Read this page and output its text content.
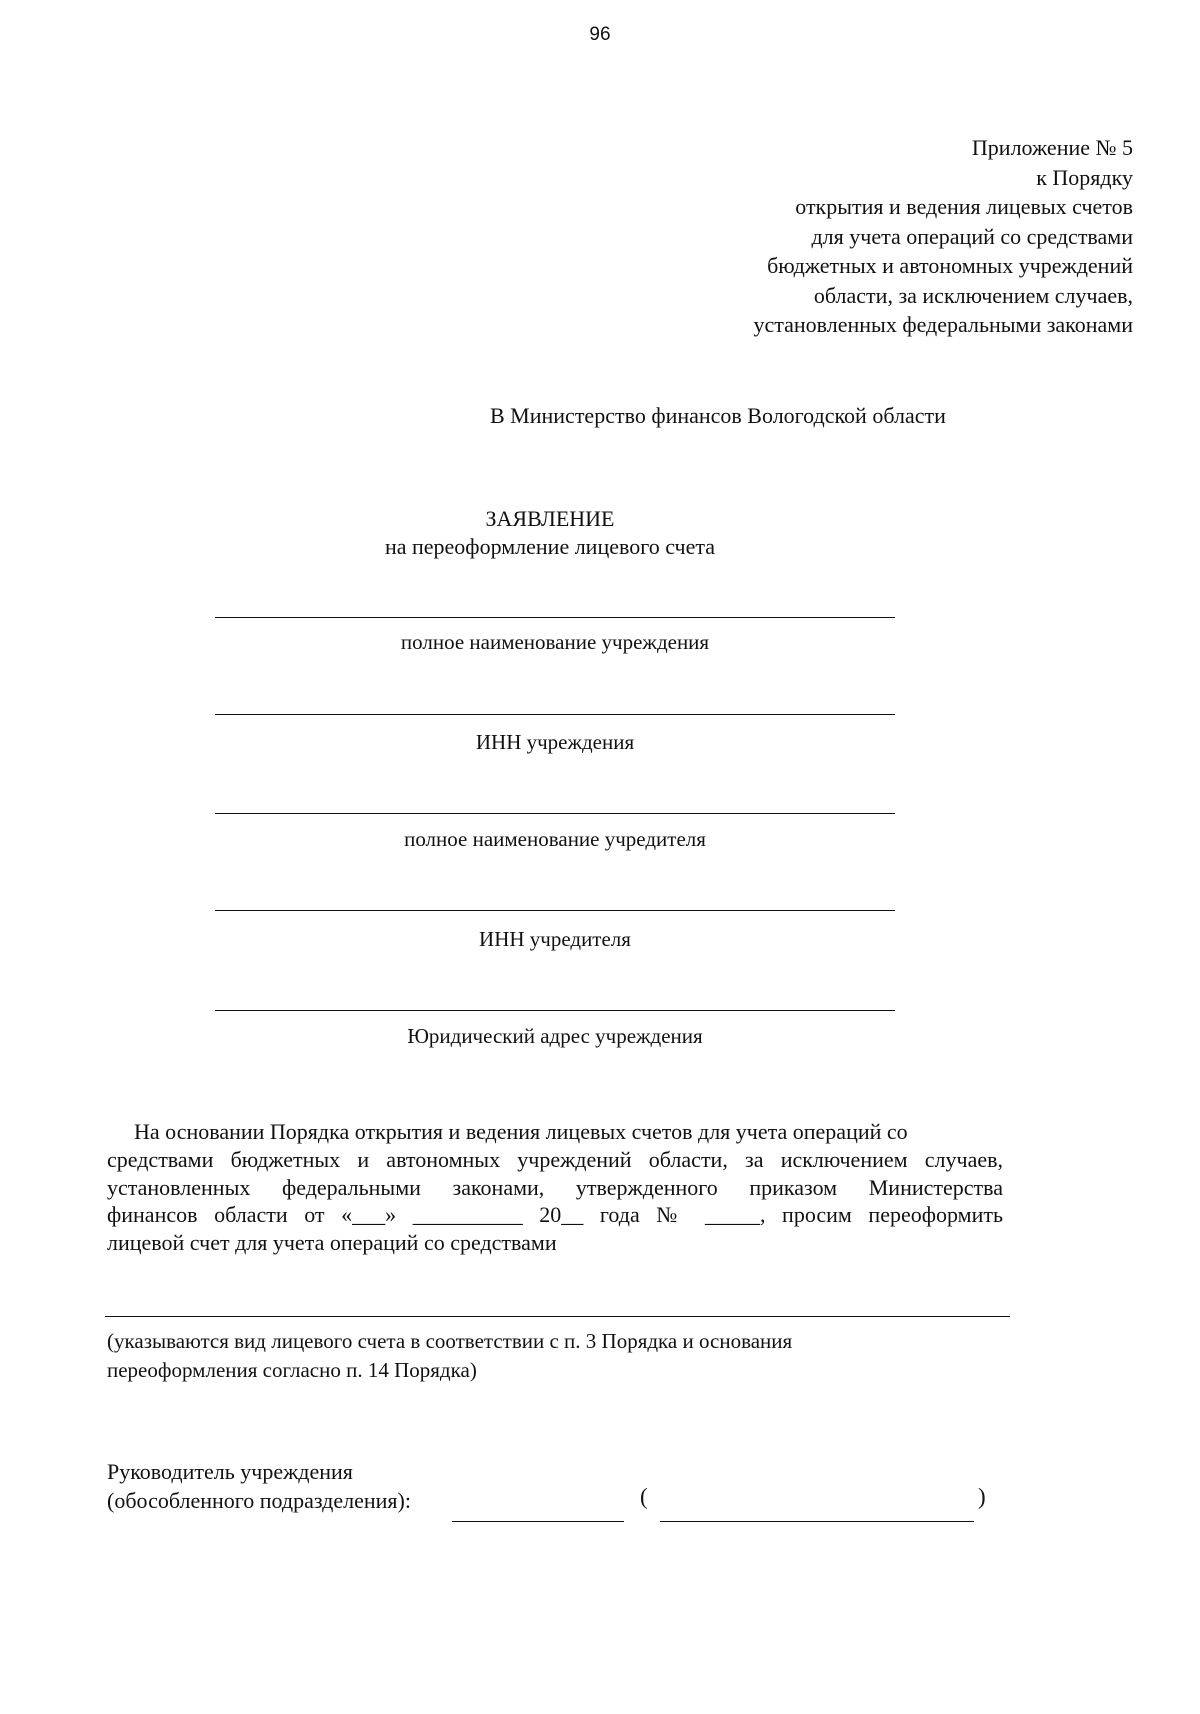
96
Приложение № 5
к Порядку
открытия и ведения лицевых счетов
для учета операций со средствами
бюджетных и автономных учреждений
области, за исключением случаев,
установленных федеральными законами
В Министерство финансов Вологодской области
ЗАЯВЛЕНИЕ
на переоформление лицевого счета
полное наименование учреждения
ИНН учреждения
полное наименование учредителя
ИНН учредителя
Юридический адрес учреждения
На основании Порядка открытия и ведения лицевых счетов для учета операций со
средствами бюджетных и автономных учреждений области, за исключением случаев,
установленных федеральными законами, утвержденного приказом Министерства
финансов области от «___» __________ 20__ года № _____, просим переоформить
лицевой счет для учета операций со средствами
(указываются вид лицевого счета в соответствии с п. 3 Порядка и основания
переоформления согласно п. 14 Порядка)
Руководитель учреждения
(обособленного подразделения):	(	)
